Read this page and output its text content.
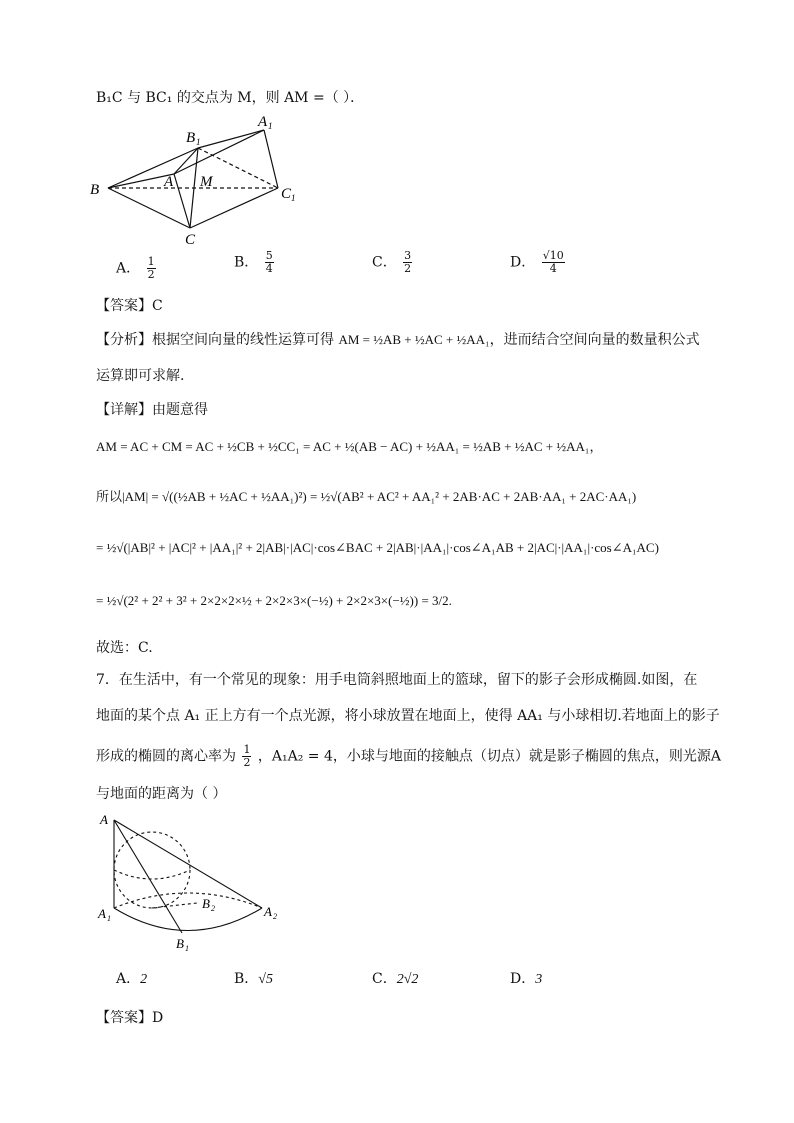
B₁C 与 BC₁ 的交点为 M，则 AM =（ ）．
B
B 1
A 1
A M
C 1
C
A． $\frac{1}{2}$	B． $\frac{5}{4}$	C． $\frac{3}{2}$	D． $\frac{√10}{4}$
【答案】C
【分析】根据空间向量的线性运算可得 AM = ½AB + ½AC + ½AA₁，进而结合空间向量的数量积公式
运算即可求解.
【详解】由题意得
AM = AC + CM = AC + ½CB + ½CC₁ = AC + ½(AB − AC) + ½AA₁ = ½AB + ½AC + ½AA₁，
所以|AM| = √((½AB + ½AC + ½AA₁)²) = ½√(AB² + AC² + AA₁² + 2AB·AC + 2AB·AA₁ + 2AC·AA₁)
= ½√(|AB|² + |AC|² + |AA₁|² + 2|AB|·|AC|·cos∠BAC + 2|AB|·|AA₁|·cos∠A₁AB + 2|AC|·|AA₁|·cos∠A₁AC)
= ½√(2² + 2² + 3² + 2×2×2×½ + 2×2×3×(−½) + 2×2×3×(−½)) = 3/2.
故选：C.
7．在生活中，有一个常见的现象：用手电筒斜照地面上的篮球，留下的影子会形成椭圆.如图，在
地面的某个点 A₁ 正上方有一个点光源，将小球放置在地面上，使得 AA₁ 与小球相切.若地面上的影子
形成的椭圆的离心率为 $\frac{1}{2}$ ，A₁A₂ = 4，小球与地面的接触点（切点）就是影子椭圆的焦点，则光源A
与地面的距离为（ ）
A
A 1
B 2	A 2
B 1
A．2	B．√5	C．2√2	D．3
【答案】D
